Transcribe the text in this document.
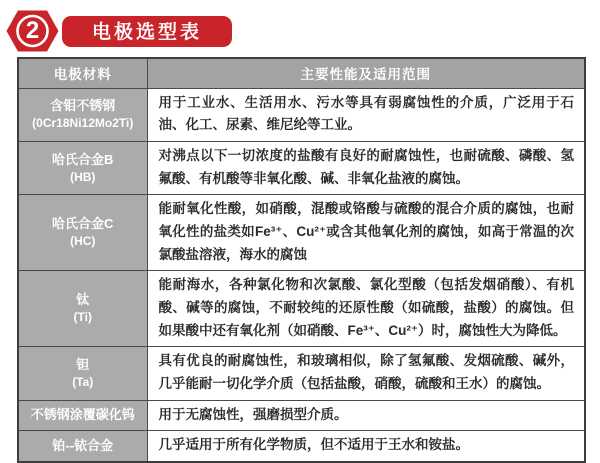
2	电极选型表
电极材料	主要性能及适用范围

含钼不锈钢
(0Cr18Ni12Mo2Ti)	用于工业水、生活用水、污水等具有弱腐蚀性的介质，广泛用于石油、化工、尿素、维尼纶等工业。

哈氏合金B
(HB)	对沸点以下一切浓度的盐酸有良好的耐腐蚀性，也耐硫酸、磷酸、氢氟酸、有机酸等非氧化酸、碱、非氧化盐液的腐蚀。

哈氏合金C
(HC)	能耐氧化性酸，如硝酸，混酸或铬酸与硫酸的混合介质的腐蚀，也耐氧化性的盐类如Fe³⁺、Cu²⁺或含其他氧化剂的腐蚀，如高于常温的次氯酸盐溶液，海水的腐蚀

钛
(Ti)	能耐海水，各种氯化物和次氯酸、氯化型酸（包括发烟硝酸）、有机酸、碱等的腐蚀，不耐较纯的还原性酸（如硫酸，盐酸）的腐蚀。但如果酸中还有氧化剂（如硝酸、Fe³⁺、Cu²⁺）时，腐蚀性大为降低。

钽
(Ta)	具有优良的耐腐蚀性，和玻璃相似，除了氢氟酸、发烟硫酸、碱外，几乎能耐一切化学介质（包括盐酸，硝酸，硫酸和王水）的腐蚀。

不锈钢涂覆碳化钨	用于无腐蚀性，强磨损型介质。

铂--铱合金	几乎适用于所有化学物质，但不适用于王水和铵盐。
